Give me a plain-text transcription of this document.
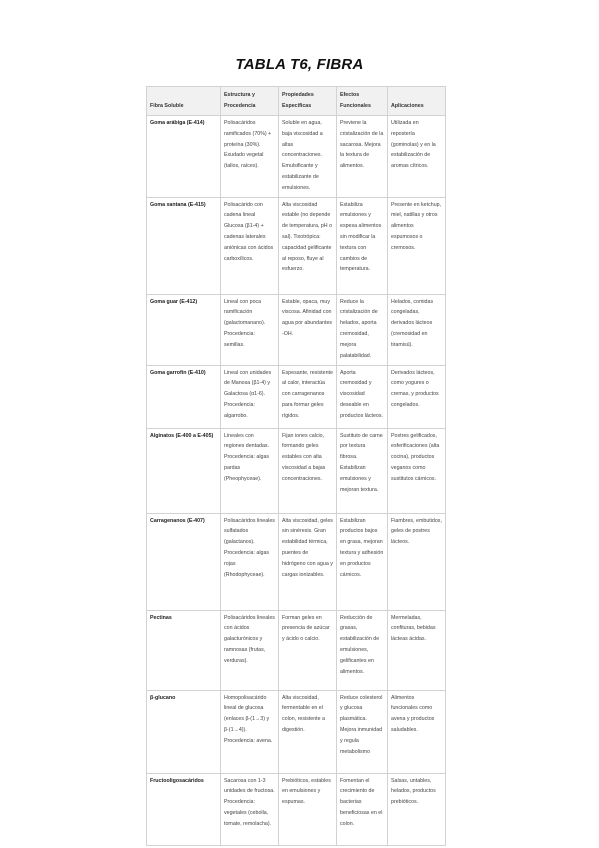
TABLA T6, FIBRA
Fibra Soluble	Estructura y Procedencia	Propiedades Específicas	Efectos Funcionales	Aplicaciones
Goma arábiga (E-414)	Polisacáridos ramificados (70%) + proteína (30%). Exudado vegetal (tallos, raíces).	Soluble en agua, baja viscosidad a altas concentraciones. Emulsificante y estabilizante de emulsiones.	Previene la cristalización de la sacarosa. Mejora la textura de alimentos.	Utilizada en repostería (gominolas) y en la estabilización de aromas cítricos.
Goma xantana (E-415)	Polisacárido con cadena lineal Glucosa (β1-4) + cadenas laterales aniónicas con ácidos carboxílicos.	Alta viscosidad estable (no depende de temperatura, pH o sal). Tixotrópica: capacidad gelificante al reposo, fluye al esfuerzo.	Estabiliza emulsiones y espesa alimentos sin modificar la textura con cambios de temperatura.	Presente en ketchup, miel, natillas y otros alimentos espumosos o cremosos.
Goma guar (E-412)	Lineal con poca ramificación (galactomanano). Procedencia: semillas.	Estable, opaca, muy viscosa. Afinidad con agua por abundantes -OH.	Reduce la cristalización de helados, aporta cremosidad, mejora palatabilidad.	Helados, comidas congeladas, derivados lácteos (cremosidad en tiramisú).
Goma garrofín (E-410)	Lineal con unidades de Manosa (β1-4) y Galactosa (α1-6). Procedencia: algarrobo.	Espesante, resistente al calor, interactúa con carragenanos para formar geles rígidos.	Aporta cremosidad y viscosidad deseable en productos lácteos.	Derivados lácteos, como yogures o cremas, y productos congelados.
Alginatos (E-400 a E-405)	Lineales con regiones dentadas. Procedencia: algas pardas (Pheophyceae).	Fijan iones calcio, formando geles estables con alta viscosidad a bajas concentraciones.	Sustituto de carne por textura fibrosa. Estabilizan emulsiones y mejoran textura.	Postres gelificados, esferificaciones (alta cocina), productos veganos como sustitutos cárnicos.
Carragenanos (E-407)	Polisacáridos lineales sulfatados (galactanos). Procedencia: algas rojas (Rhodophyceae).	Alta viscosidad, geles sin sinéresis. Gran estabilidad térmica, puentes de hidrógeno con agua y cargas ionizables.	Estabilizan productos bajos en grasa, mejoran textura y adhesión en productos cárnicos.	Fiambres, embutidos, geles de postres lácteos.
Pectinas	Polisacáridos lineales con ácidos galacturónicos y ramnosas (frutas, verduras).	Forman geles en presencia de azúcar y ácido o calcio.	Reducción de grasas, estabilización de emulsiones, gelificantes en alimentos.	Mermeladas, confituras, bebidas lácteas ácidas.
β-glucano	Homopolisacárido lineal de glucosa (enlaces β-(1→3) y β-(1→4)). Procedencia: avena.	Alta viscosidad, fermentable en el colon, resistente a digestión.	Reduce colesterol y glucosa plasmática. Mejora inmunidad y regula metabolismo	Alimentos funcionales como avena y productos saludables.
Fructooligosacáridos	Sacarosa con 1-3 unidades de fructosa. Procedencia: vegetales (cebolla, tomate, remolacha).	Prebióticos, estables en emulsiones y espumas.	Fomentan el crecimiento de bacterias beneficiosas en el colon.	Salsas, untables, helados, productos prebióticos.
